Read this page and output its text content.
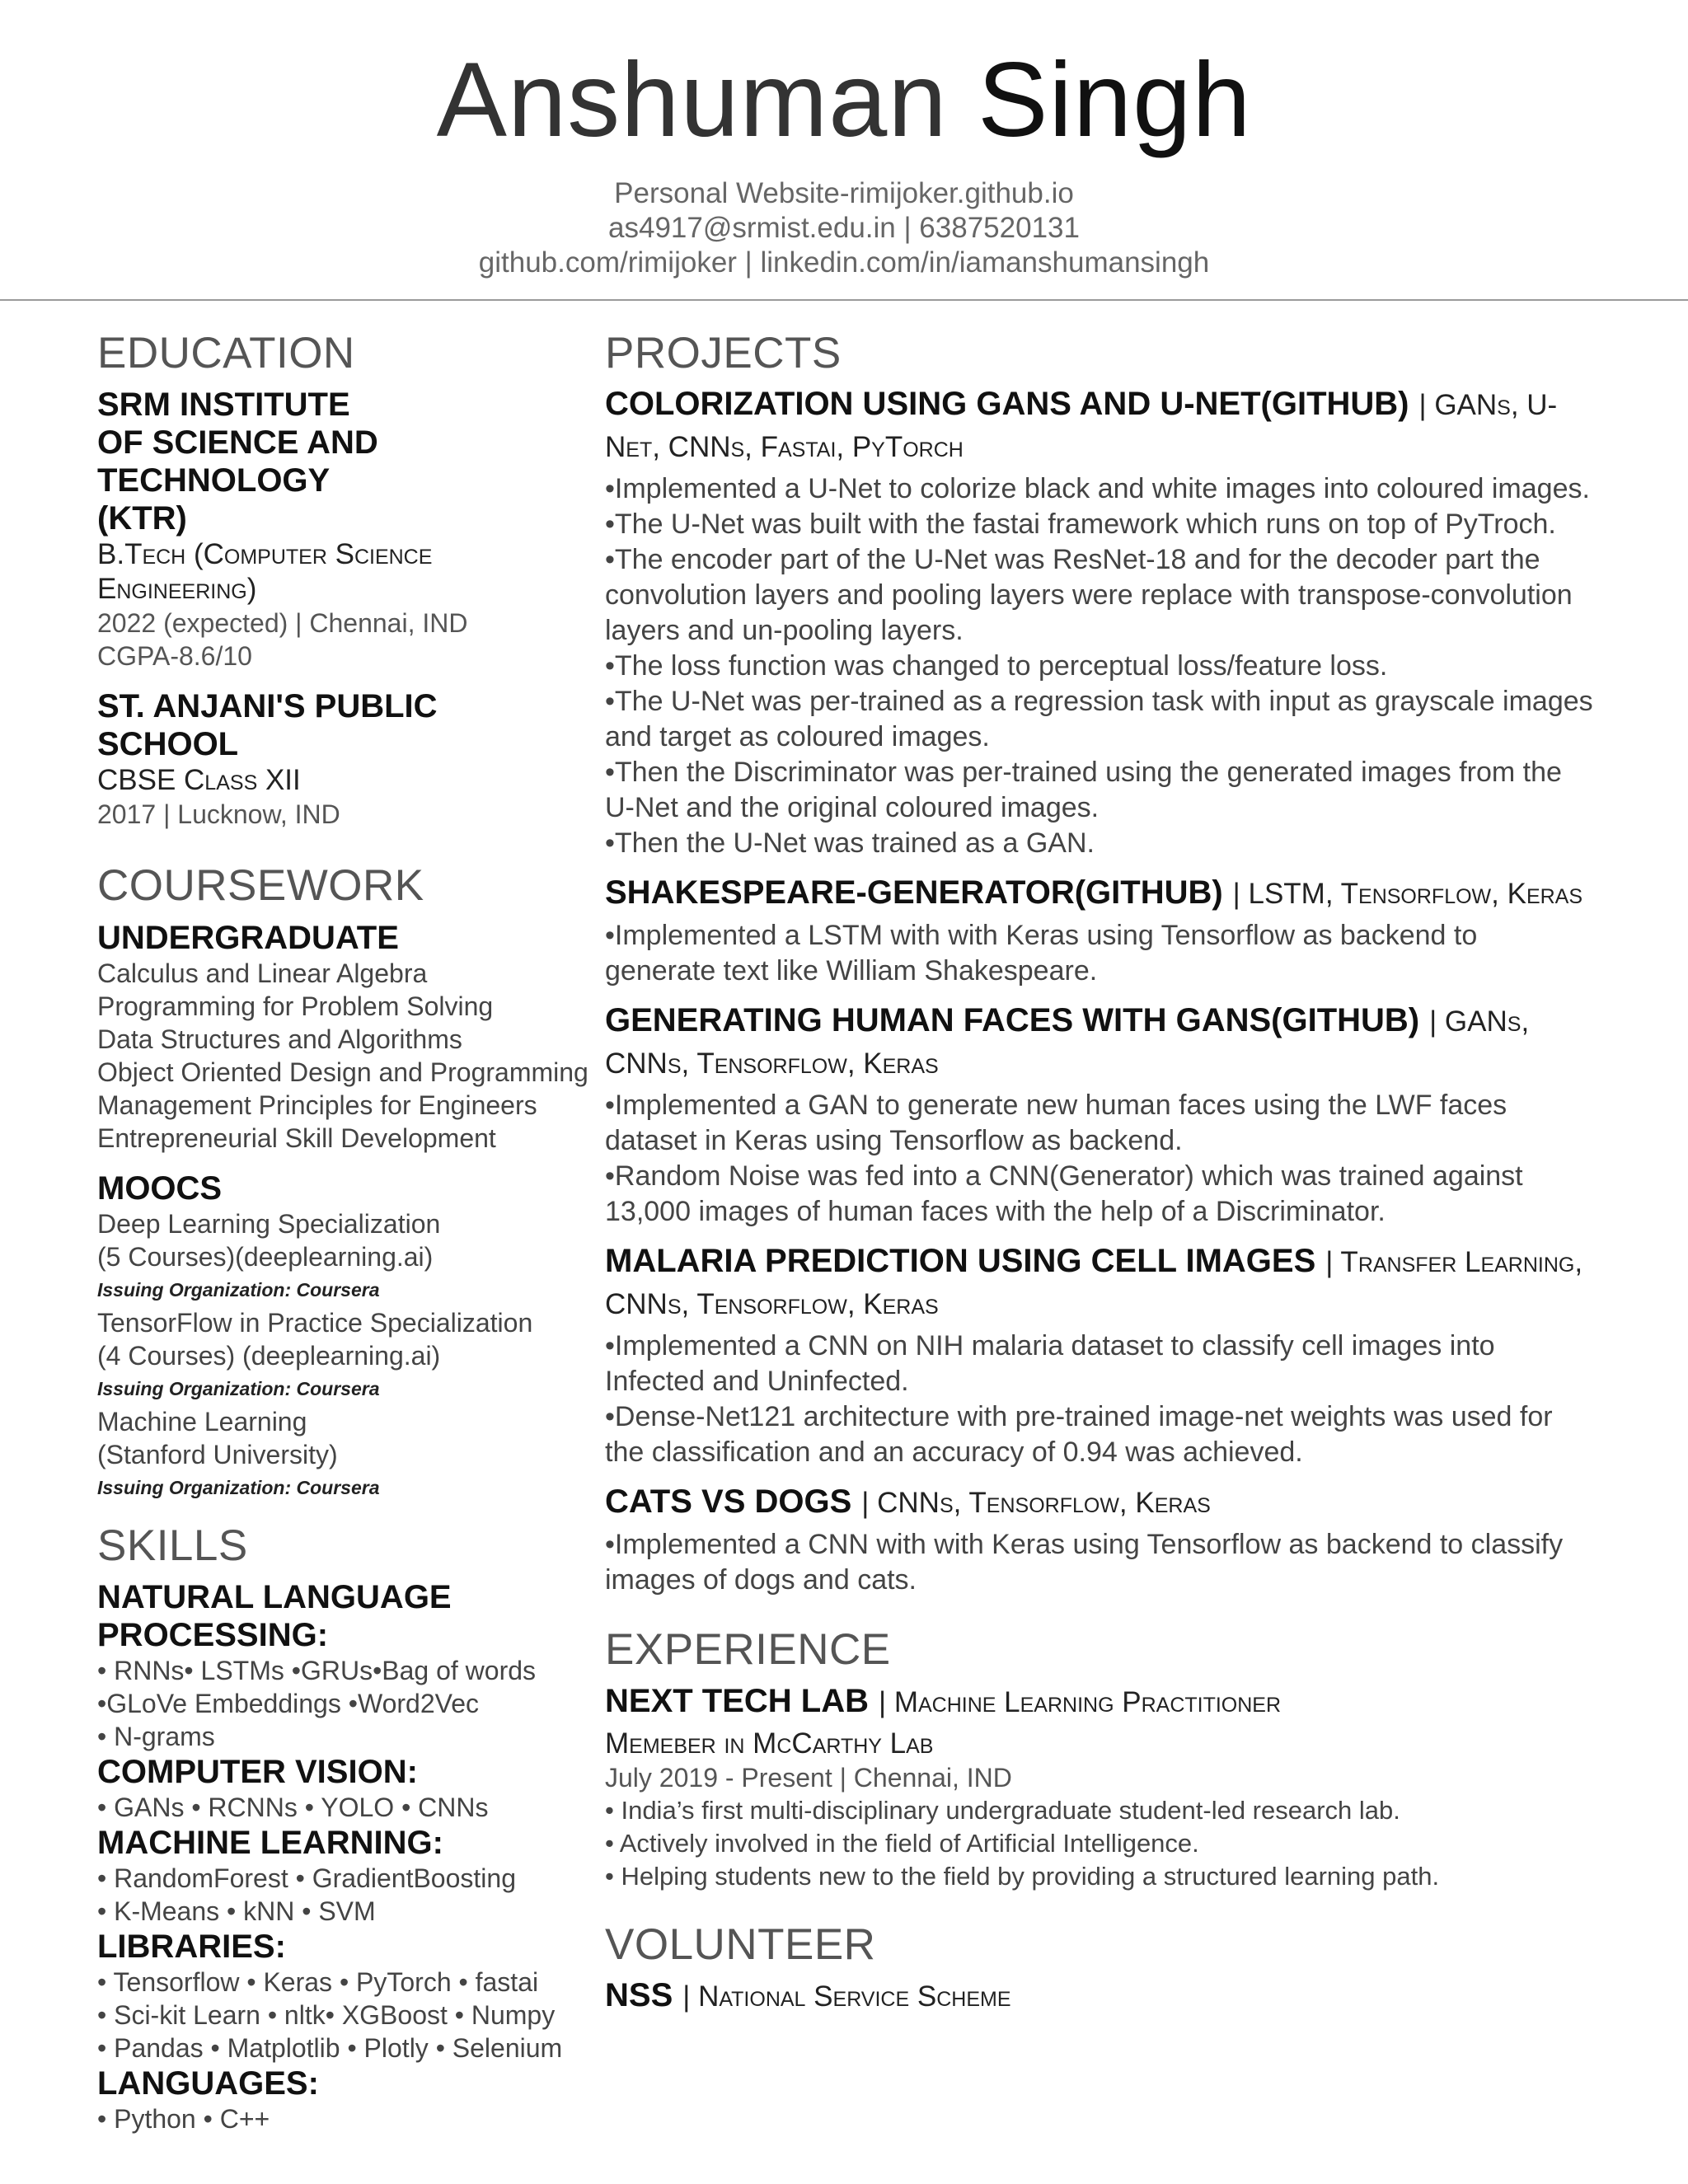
Anshuman Singh
Personal Website-rimijoker.github.io
as4917@srmist.edu.in | 6387520131
github.com/rimijoker | linkedin.com/in/iamanshumansingh
EDUCATION
SRM INSTITUTE
OF SCIENCE AND TECHNOLOGY
(KTR)
B.Tech (Computer Science
Engineering)
2022 (expected) | Chennai, IND
CGPA-8.6/10
ST. ANJANI'S PUBLIC
SCHOOL
CBSE Class XII
2017 | Lucknow, IND
COURSEWORK
UNDERGRADUATE
Calculus and Linear Algebra
Programming for Problem Solving
Data Structures and Algorithms
Object Oriented Design and Programming
Management Principles for Engineers
Entrepreneurial Skill Development
MOOCS
Deep Learning Specialization
(5 Courses)(deeplearning.ai)
Issuing Organization: Coursera
TensorFlow in Practice Specialization
(4 Courses) (deeplearning.ai)
Issuing Organization: Coursera
Machine Learning
(Stanford University)
Issuing Organization: Coursera
SKILLS
NATURAL LANGUAGE
PROCESSING:
• RNNs• LSTMs •GRUs•Bag of words
•GLoVe Embeddings •Word2Vec
• N-grams
COMPUTER VISION:
• GANs • RCNNs • YOLO • CNNs
MACHINE LEARNING:
• RandomForest • GradientBoosting
• K-Means • kNN • SVM
LIBRARIES:
• Tensorflow • Keras • PyTorch • fastai
• Sci-kit Learn • nltk• XGBoost • Numpy
• Pandas • Matplotlib • Plotly • Selenium
LANGUAGES:
• Python • C++
PROJECTS
COLORIZATION USING GANS AND U-NET(GITHUB) | GANs, U-Net, CNNs, Fastai, PyTorch
•Implemented a U-Net to colorize black and white images into coloured images.
•The U-Net was built with the fastai framework which runs on top of PyTroch.
•The encoder part of the U-Net was ResNet-18 and for the decoder part the convolution layers and pooling layers were replace with transpose-convolution layers and un-pooling layers.
•The loss function was changed to perceptual loss/feature loss.
•The U-Net was per-trained as a regression task with input as grayscale images and target as coloured images.
•Then the Discriminator was per-trained using the generated images from the U-Net and the original coloured images.
•Then the U-Net was trained as a GAN.
SHAKESPEARE-GENERATOR(GITHUB) | LSTM, Tensorflow, Keras
•Implemented a LSTM with with Keras using Tensorflow as backend to generate text like William Shakespeare.
GENERATING HUMAN FACES WITH GANS(GITHUB) | GANs, CNNs, Tensorflow, Keras
•Implemented a GAN to generate new human faces using the LWF faces dataset in Keras using Tensorflow as backend.
•Random Noise was fed into a CNN(Generator) which was trained against 13,000 images of human faces with the help of a Discriminator.
MALARIA PREDICTION USING CELL IMAGES | Transfer Learning, CNNs, Tensorflow, Keras
•Implemented a CNN on NIH malaria dataset to classify cell images into Infected and Uninfected.
•Dense-Net121 architecture with pre-trained image-net weights was used for the classification and an accuracy of 0.94 was achieved.
CATS VS DOGS | CNNs, Tensorflow, Keras
•Implemented a CNN with with Keras using Tensorflow as backend to classify images of dogs and cats.
EXPERIENCE
NEXT TECH LAB | Machine Learning Practitioner
Memeber in McCarthy Lab
July 2019 - Present | Chennai, IND
• India’s first multi-disciplinary undergraduate student-led research lab.
• Actively involved in the field of Artificial Intelligence.
• Helping students new to the field by providing a structured learning path.
VOLUNTEER
NSS | National Service Scheme
